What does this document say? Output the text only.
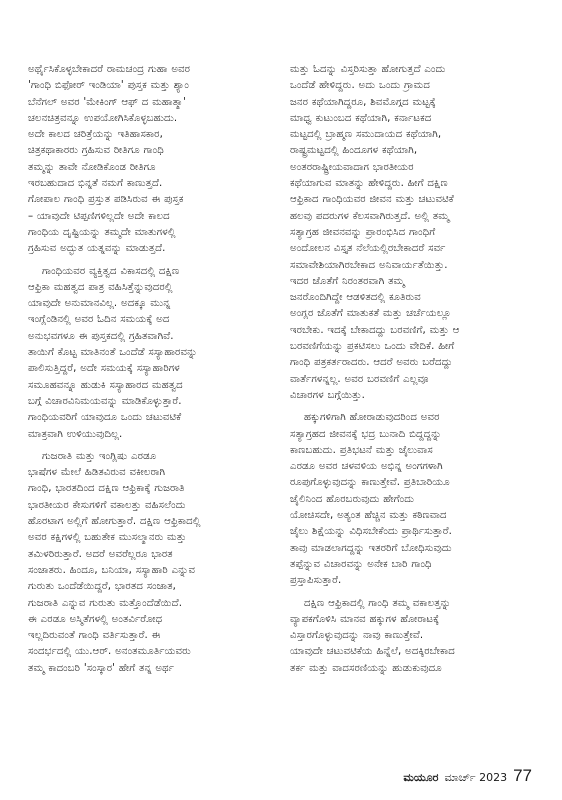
ಅರ್ಥೈಸಿಕೊಳ್ಳಬೇಕಾದರೆ ರಾಮಚಂದ್ರ ಗುಹಾ ಅವರ
'ಗಾಂಧಿ ಬಿಫೋರ್ ಇಂಡಿಯಾ' ಪುಸ್ತಕ ಮತ್ತು ಶ್ಯಾಂ
ಬೆನೆಗಲ್ ಅವರ 'ಮೇಕಿಂಗ್ ಆಫ್ ದ ಮಹಾತ್ಮಾ'
ಚಲನಚಿತ್ರವನ್ನೂ ಉಪಯೋಗಿಸಿಕೊಳ್ಳಬಹುದು.
ಅದೇ ಕಾಲದ ಚರಿತ್ರೆಯನ್ನು ಇತಿಹಾಸಕಾರ,
ಚಿತ್ರಕಥಾಕಾರರು ಗ್ರಹಿಸುವ ರೀತಿಗೂ ಗಾಂಧಿ
ತಮ್ಮನ್ನು ತಾವೇ ನೋಡಿಕೊಂಡ ರೀತಿಗೂ
ಇರಬಹುದಾದ ಭಿನ್ನತೆ ನಮಗೆ ಕಾಣುತ್ತದೆ.
ಗೋಪಾಲ ಗಾಂಧಿ ಪ್ರಸ್ತುತ ಪಡಿಸಿರುವ ಈ ಪುಸ್ತಕ
– ಯಾವುದೇ ಟಿಪ್ಪಣಿಗಳಿಲ್ಲದೇ ಅದೇ ಕಾಲದ
ಗಾಂಧಿಯ ದೃಷ್ಟಿಯನ್ನು ತಮ್ಮದೇ ಮಾತುಗಳಲ್ಲಿ
ಗ್ರಹಿಸುವ ಅದ್ಭುತ ಯತ್ನವನ್ನು ಮಾಡುತ್ತದೆ.

ಗಾಂಧಿಯವರ ವ್ಯಕ್ತಿತ್ವದ ವಿಕಾಸದಲ್ಲಿ ದಕ್ಷಿಣ
ಆಫ್ರಿಕಾ ಮಹತ್ವದ ಪಾತ್ರ ವಹಿಸಿತ್ತೆನ್ನುವುದರಲ್ಲಿ
ಯಾವುದೇ ಅನುಮಾನವಿಲ್ಲ. ಅದಕ್ಕೂ ಮುನ್ನ
ಇಂಗ್ಲೆಂಡಿನಲ್ಲಿ ಅವರ ಓದಿನ ಸಮಯಕ್ಕೆ ಅದ
ಅನುಭವಗಳೂ ಈ ಪುಸ್ತಕದಲ್ಲಿ ಗ್ರಹಿತವಾಗಿವೆ.
ತಾಯಿಗೆ ಕೊಟ್ಟ ಮಾತಿನಂತೆ ಒಂದೆಡೆ ಸಸ್ಯಾಹಾರವನ್ನು
ಪಾಲಿಸುತ್ತಿದ್ದರೆ, ಅದೇ ಸಮಯಕ್ಕೆ ಸಸ್ಯಾಹಾರಿಗಳ
ಸಮೂಹವನ್ನೂ ಹುಡುಕಿ ಸಸ್ಯಾಹಾರದ ಮಹತ್ವದ
ಬಗ್ಗೆ ವಿಚಾರವಿನಿಮಯವನ್ನು ಮಾಡಿಕೊಳ್ಳುತ್ತಾರೆ.
ಗಾಂಧಿಯವರಿಗೆ ಯಾವುದೂ ಒಂದು ಚಟುವಟಿಕೆ
ಮಾತ್ರವಾಗಿ ಉಳಿಯುವುದಿಲ್ಲ.

ಗುಜರಾತಿ ಮತ್ತು ಇಂಗ್ಲಿಷು ಎರಡೂ
ಭಾಷೆಗಳ ಮೇಲೆ ಹಿಡಿತವಿರುವ ವಕೀಲರಾಗಿ
ಗಾಂಧಿ, ಭಾರತದಿಂದ ದಕ್ಷಿಣ ಆಫ್ರಿಕಾಕ್ಕೆ ಗುಜರಾತಿ
ಭಾರತೀಯರ ಕೇಸುಗಳಿಗೆ ವಕಾಲತ್ತು ವಹಿಸಲೆಂದು
ಹೊರಟಾಗ ಅಲ್ಲಿಗೆ ಹೋಗುತ್ತಾರೆ. ದಕ್ಷಿಣ ಆಫ್ರಿಕಾದಲ್ಲಿ
ಅವರ ಕಕ್ಷಿಗಳಲ್ಲಿ ಬಹುತೇಕ ಮುಸಲ್ಮಾನರು ಮತ್ತು
ತಮಿಳರಿರುತ್ತಾರೆ. ಅದರೆ ಅವರೆಲ್ಲರೂ ಭಾರತ
ಸಂಜಾತರು. ಹಿಂದೂ, ಬನಿಯಾ, ಸಸ್ಯಾಹಾರಿ ಎನ್ನುವ
ಗುರುತು ಒಂದೆಡೆಯಿದ್ದರೆ, ಭಾರತದ ಸಂಜಾತ,
ಗುಜರಾತಿ ಎನ್ನುವ ಗುರುತು ಮತ್ತೊಂದೆಡೆಯಿದೆ.
ಈ ಎರಡೂ ಅಸ್ಮಿತೆಗಳಲ್ಲಿ ಅಂತರ್ವಿರೋಧ
ಇಲ್ಲದಿರುವಂತೆ ಗಾಂಧಿ ವರ್ತಿಸುತ್ತಾರೆ. ಈ
ಸಂದರ್ಭದಲ್ಲಿ ಯು.ಆರ್. ಅನಂತಮೂರ್ತಿಯವರು
ತಮ್ಮ ಕಾದಂಬರಿ 'ಸಂಸ್ಕಾರ' ಹೇಗೆ ತನ್ನ ಅರ್ಥ

ಮತ್ತು ಓದನ್ನು ವಿಸ್ತರಿಸುತ್ತಾ ಹೋಗುತ್ತದೆ ಎಂದು
ಒಂದೆಡೆ ಹೇಳಿದ್ದರು. ಅದು ಒಂದು ಗ್ರಾಮದ
ಜನರ ಕಥೆಯಾಗಿದ್ದರೂ, ಶಿವಮೊಗ್ಗದ ಮಟ್ಟಕ್ಕೆ
ಮಾಧ್ವ ಕುಟುಂಬದ ಕಥೆಯಾಗಿ, ಕರ್ನಾಟಕದ
ಮಟ್ಟದಲ್ಲಿ ಬ್ರಾಹ್ಮಣ ಸಮುದಾಯದ ಕಥೆಯಾಗಿ,
ರಾಷ್ಟ್ರಮಟ್ಟದಲ್ಲಿ ಹಿಂದೂಗಳ ಕಥೆಯಾಗಿ,
ಅಂತರರಾಷ್ಟ್ರೀಯವಾದಾಗ ಭಾರತೀಯರ
ಕಥೆಯಾಗುವ ಮಾತನ್ನು ಹೇಳಿದ್ದರು. ಹೀಗೆ ದಕ್ಷಿಣ
ಆಫ್ರಿಕಾದ ಗಾಂಧಿಯವರ ಜೀವನ ಮತ್ತು ಚಟುವಟಿಕೆ
ಹಲವು ಪದರುಗಳ ಕೆಲಸವಾಗಿರುತ್ತದೆ. ಅಲ್ಲಿ ತಮ್ಮ
ಸತ್ಯಾಗ್ರಹ ಜೀವನವನ್ನು ಪ್ರಾರಂಭಿಸಿದ ಗಾಂಧಿಗೆ
ಅಂದೋಲನ ವಿಸ್ತೃತ ನೆಲೆಯಲ್ಲಿರಬೇಕಾದರೆ ಸರ್ವ
ಸಮಾವೇಶಿಯಾಗಿರಬೇಕಾದ ಅನಿವಾರ್ಯತೆಯಿತ್ತು.
ಇದರ ಜೊತೆಗೆ ನಿರಂತರವಾಗಿ ತಮ್ಮ
ಜನರೊಂದಿಗಿದ್ದೇ ಆಡಳಿತದಲ್ಲಿ ಕೂತಿರುವ
ಅಂಗ್ಲರ ಜೊತೆಗೆ ಮಾತುಕತೆ ಮತ್ತು ಚರ್ಚೆಯಲ್ಲೂ
ಇರಬೇಕು. ಇದಕ್ಕೆ ಬೇಕಾದದ್ದು ಬರವಣಿಗೆ, ಮತ್ತು ಆ
ಬರವಣಿಗೆಯನ್ನು ಪ್ರಕಟಿಸಲು ಒಂದು ವೇದಿಕೆ. ಹೀಗೆ
ಗಾಂಧಿ ಪತ್ರಕರ್ತರಾದರು. ಆದರೆ ಅವರು ಬರೆದದ್ದು
ವಾರ್ತೆಗಳನ್ನಲ್ಲ. ಅವರ ಬರವಣಿಗೆ ಎಲ್ಲವೂ
ವಿಚಾರಗಳ ಬಗ್ಗೆಯಿತ್ತು.

ಹಕ್ಕುಗಳಿಗಾಗಿ ಹೋರಾಡುವುದರಿಂದ ಅವರ
ಸತ್ಯಾಗ್ರಹದ ಜೀವನಕ್ಕೆ ಭದ್ರ ಬುನಾದಿ ಬಿದ್ದದ್ದನ್ನು
ಕಾಣಬಹುದು. ಪ್ರತಿಭಟನೆ ಮತ್ತು ಜೈಲುವಾಸ
ಎರಡೂ ಅವರ ಚಳವಳಿಯ ಅಭಿನ್ನ ಅಂಗಗಳಾಗಿ
ರೂಪುಗೊಳ್ಳುವುದನ್ನು ಕಾಣುತ್ತೇವೆ. ಪ್ರತಿಬಾರಿಯೂ
ಜೈಲಿನಿಂದ ಹೊರಬರುವುದು ಹೇಗೆಂದು
ಯೋಚಿಸದೇ, ಅತ್ಯಂತ ಹೆಚ್ಚಿನ ಮತ್ತು ಕಠಿಣವಾದ
ಜೈಲು ಶಿಕ್ಷೆಯನ್ನು ವಿಧಿಸಬೇಕೆಂದು ಪ್ರಾರ್ಥಿಸುತ್ತಾರೆ.
ತಾವು ಮಾಡಲಾಗದ್ದನ್ನು ಇತರರಿಗೆ ಬೋಧಿಸುವುದು
ತಪ್ಪೆನ್ನುವ ವಿಚಾರವನ್ನು ಅನೇಕ ಬಾರಿ ಗಾಂಧಿ
ಪ್ರಸ್ತಾಪಿಸುತ್ತಾರೆ.

ದಕ್ಷಿಣ ಆಫ್ರಿಕಾದಲ್ಲಿ ಗಾಂಧಿ ತಮ್ಮ ವಕಾಲತ್ತನ್ನು
ವ್ಯಾಪಕಗೊಳಿಸಿ ಮಾನವ ಹಕ್ಕುಗಳ ಹೋರಾಟಕ್ಕೆ
ವಿಸ್ತಾರಗೊಳ್ಳುವುದನ್ನು ನಾವು ಕಾಣುತ್ತೇವೆ.
ಯಾವುದೇ ಚಟುವಟಿಕೆಯ ಹಿನ್ನೆಲೆ, ಅದಕ್ಕಿರಬೇಕಾದ
ತರ್ಕ ಮತ್ತು ವಾದಸರಣಿಯನ್ನು ಹುಡುಕುವುದೂ

ಮಯೂರ ಮಾರ್ಚ್ 2023 77
